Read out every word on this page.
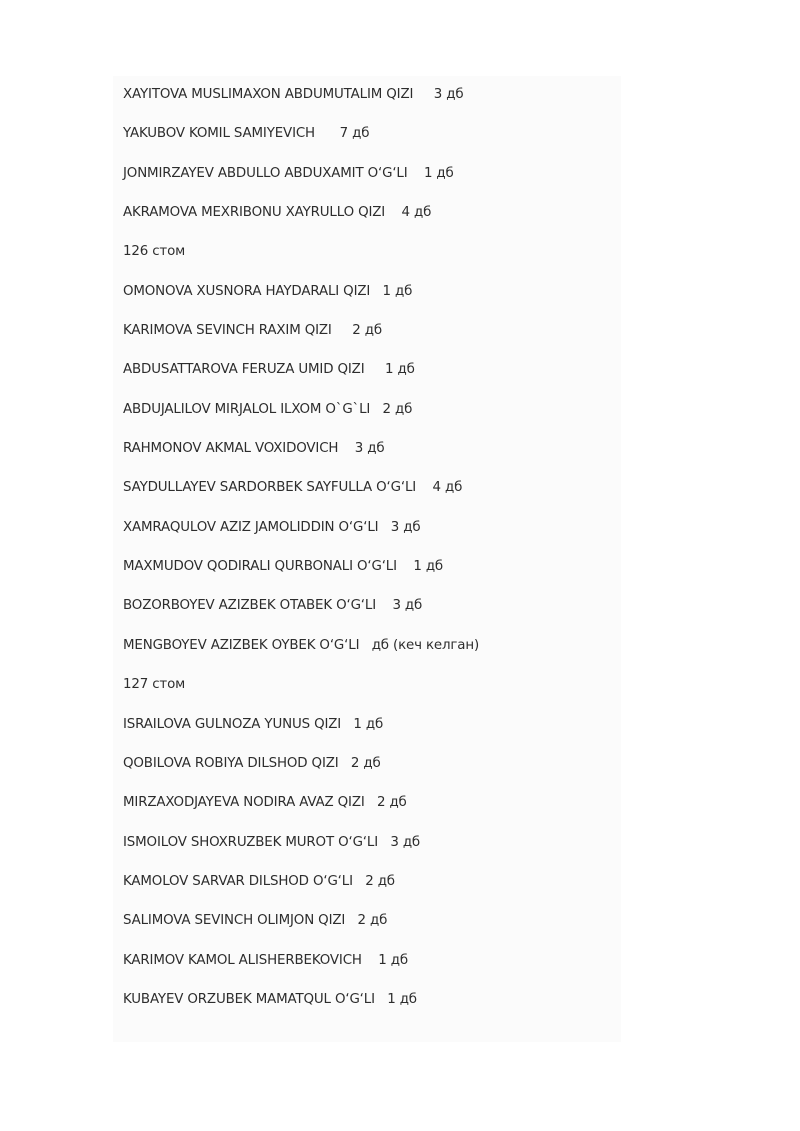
XAYITOVA MUSLIMAXON ABDUMUTALIM QIZI     3 дб
YAKUBOV KOMIL SAMIYEVICH      7 дб
JONMIRZAYEV ABDULLO ABDUXAMIT O‘G‘LI    1 дб
AKRAMOVA MEXRIBONU XAYRULLO QIZI    4 дб
126 стом
OMONOVA XUSNORA HAYDARALI QIZI   1 дб
KARIMOVA SEVINCH RAXIM QIZI     2 дб
ABDUSATTAROVA FERUZA UMID QIZI     1 дб
ABDUJALILOV MIRJALOL ILXOM O`G`LI   2 дб
RAHMONOV AKMAL VOXIDOVICH    3 дб
SAYDULLAYEV SARDORBEK SAYFULLA O‘G‘LI    4 дб
XAMRAQULOV AZIZ JAMOLIDDIN O‘G‘LI   3 дб
MAXMUDOV QODIRALI QURBONALI O‘G‘LI    1 дб
BOZORBOYEV AZIZBEK OTABEK O‘G‘LI    3 дб
MENGBOYEV AZIZBEK OYBEK O‘G‘LI   дб (кеч келган)
127 стом
ISRAILOVA GULNOZA YUNUS QIZI   1 дб
QOBILOVA ROBIYA DILSHOD QIZI   2 дб
MIRZAXODJAYEVA NODIRA AVAZ QIZI   2 дб
ISMOILOV SHOXRUZBEK MUROT O‘G‘LI   3 дб
KAMOLOV SARVAR DILSHOD O‘G‘LI   2 дб
SALIMOVA SEVINCH OLIMJON QIZI   2 дб
KARIMOV KAMOL ALISHERBEKOVICH    1 дб
KUBAYEV ORZUBEK MAMATQUL O‘G‘LI   1 дб
